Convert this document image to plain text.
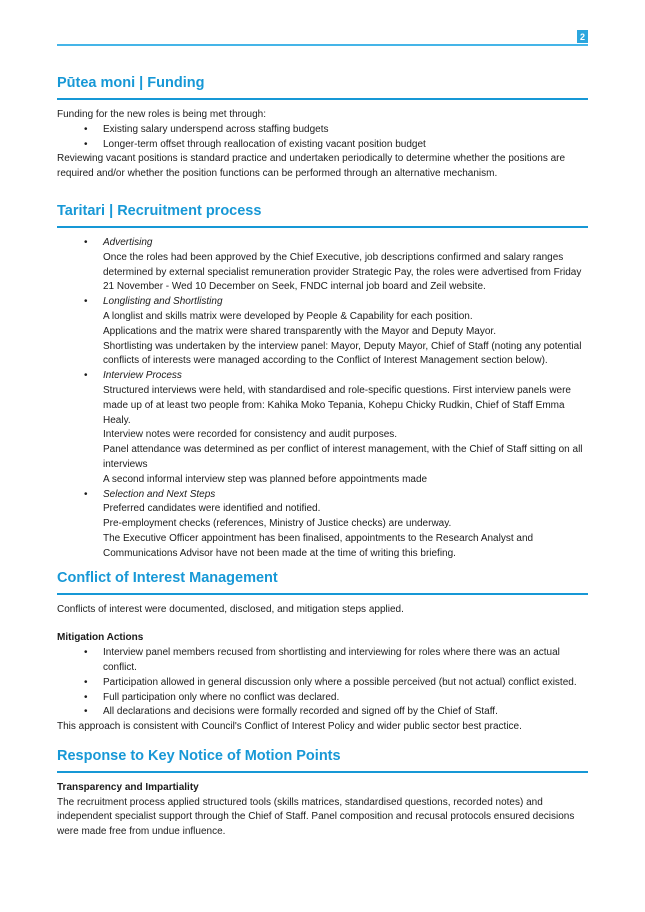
2
Pūtea moni | Funding

Funding for the new roles is being met through:

• Existing salary underspend across staffing budgets
• Longer-term offset through reallocation of existing vacant position budget

Reviewing vacant positions is standard practice and undertaken periodically to determine whether the positions are required and/or whether the position functions can be performed through an alternative mechanism.

Taritari | Recruitment process
• Advertising
Once the roles had been approved by the Chief Executive, job descriptions confirmed and salary ranges determined by external specialist remuneration provider Strategic Pay, the roles were advertised from Friday 21 November - Wed 10 December on Seek, FNDC internal job board and Zeil website.
• Longlisting and Shortlisting
A longlist and skills matrix were developed by People & Capability for each position.
Applications and the matrix were shared transparently with the Mayor and Deputy Mayor.
Shortlisting was undertaken by the interview panel: Mayor, Deputy Mayor, Chief of Staff (noting any potential conflicts of interests were managed according to the Conflict of Interest Management section below).
• Interview Process
Structured interviews were held, with standardised and role-specific questions. First interview panels were made up of at least two people from: Kahika Moko Tepania, Kohepu Chicky Rudkin, Chief of Staff Emma Healy.
Interview notes were recorded for consistency and audit purposes.
Panel attendance was determined as per conflict of interest management, with the Chief of Staff sitting on all interviews
A second informal interview step was planned before appointments made
• Selection and Next Steps
Preferred candidates were identified and notified.
Pre-employment checks (references, Ministry of Justice checks) are underway.
The Executive Officer appointment has been finalised, appointments to the Research Analyst and Communications Advisor have not been made at the time of writing this briefing.
Conflict of Interest Management

Conflicts of interest were documented, disclosed, and mitigation steps applied.

Mitigation Actions

• Interview panel members recused from shortlisting and interviewing for roles where there was an actual conflict.
• Participation allowed in general discussion only where a possible perceived (but not actual) conflict existed.
• Full participation only where no conflict was declared.
• All declarations and decisions were formally recorded and signed off by the Chief of Staff.

This approach is consistent with Council's Conflict of Interest Policy and wider public sector best practice.

Response to Key Notice of Motion Points

Transparency and Impartiality

The recruitment process applied structured tools (skills matrices, standardised questions, recorded notes) and independent specialist support through the Chief of Staff. Panel composition and recusal protocols ensured decisions were made free from undue influence.
